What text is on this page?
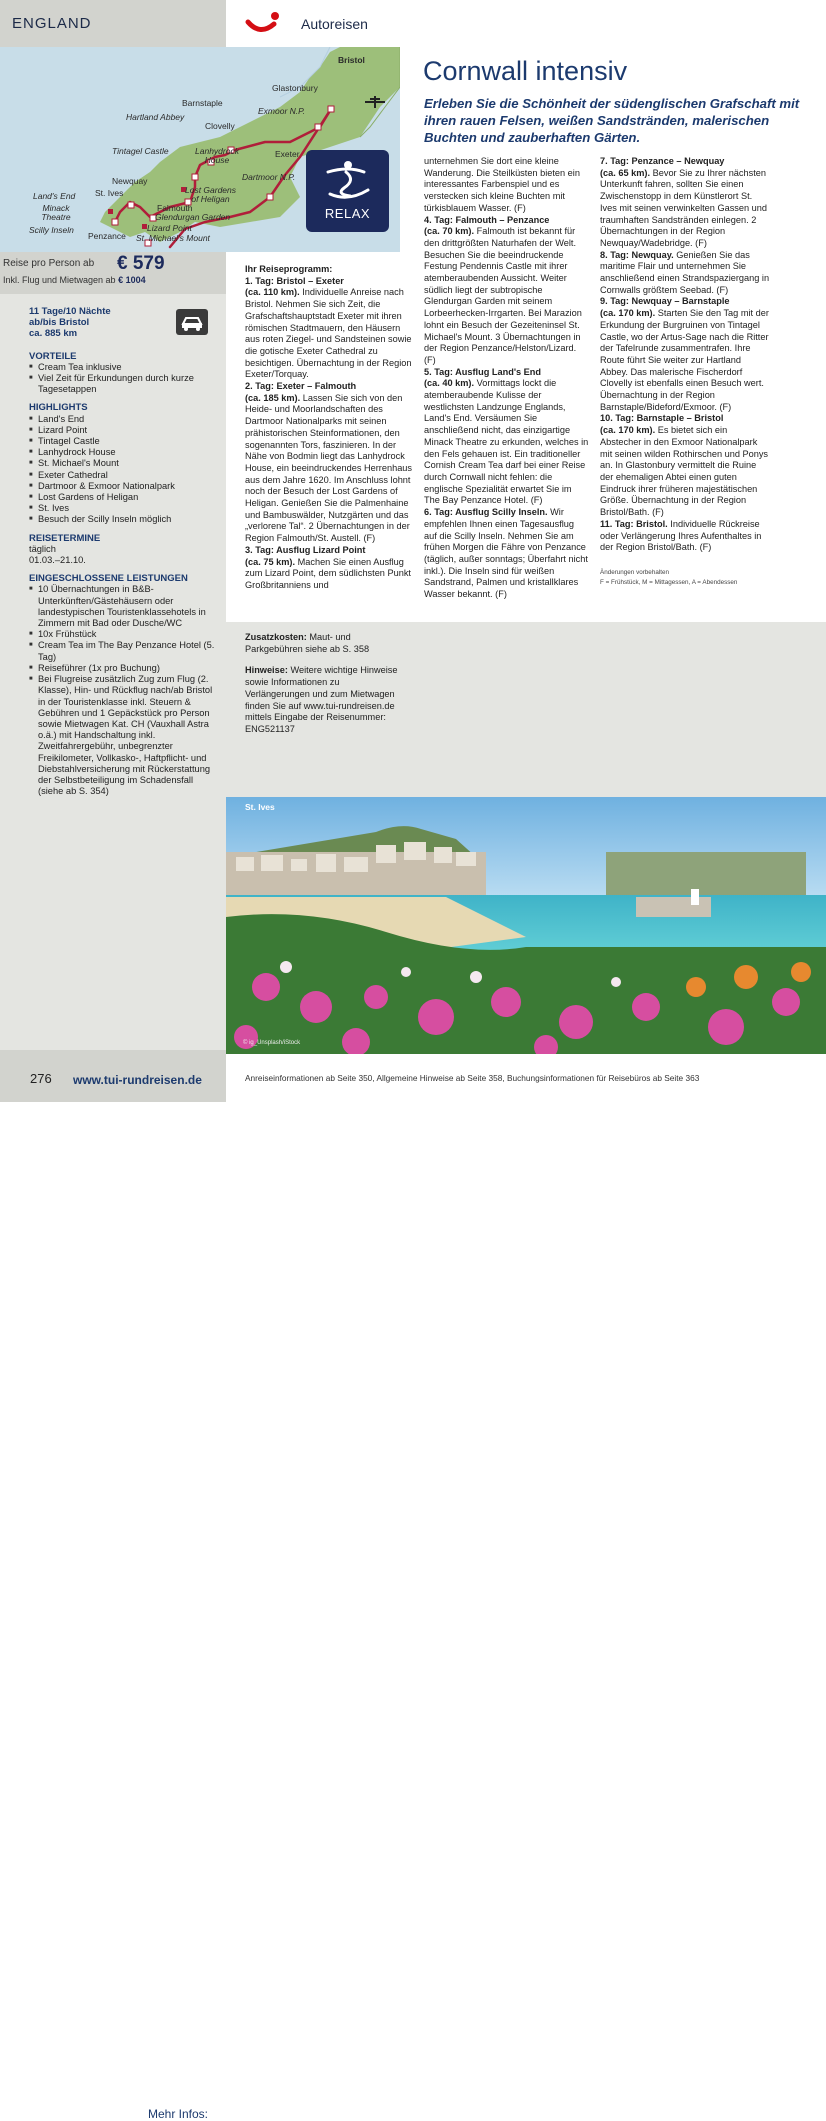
ENGLAND	Autoreisen
Bristol
Glastonbury
Barnstaple
Hartland Abbey
Exmoor N.P.
Clovelly
Tintagel Castle	Lanhydrock House
Exeter
Newquay	Dartmoor N.P.
Land's End St. Ives	Lost Gardens of Heligan
Minack Theatre
Falmouth
Glendurgan Garden
Scilly Inseln	Lizard Point
Penzance St. Michael's Mount
RELAX
Cornwall intensiv
Erleben Sie die Schönheit der südenglischen Grafschaft mit ihren rauen Felsen, weißen Sandstränden, malerischen Buchten und zauberhaften Gärten.
Reise pro Person ab € 579
Inkl. Flug und Mietwagen ab € 1004
11 Tage/10 Nächte
ab/bis Bristol
ca. 885 km
VORTEILE
■ Cream Tea inklusive
■ Viel Zeit für Erkundungen durch kurze Tagesetappen
HIGHLIGHTS
■ Land's End
■ Lizard Point
■ Tintagel Castle
■ Lanhydrock House
■ St. Michael's Mount
■ Exeter Cathedral
■ Dartmoor & Exmoor Nationalpark
■ Lost Gardens of Heligan
■ St. Ives
■ Besuch der Scilly Inseln möglich
REISETERMINE
täglich
01.03.–21.10.
EINGESCHLOSSENE LEISTUNGEN
■ 10 Übernachtungen in B&B-Unterkünften/Gästehäusern oder landestypischen Touristenklassehotels in Zimmern mit Bad oder Dusche/WC
■ 10x Frühstück
■ Cream Tea im The Bay Penzance Hotel (5. Tag)
■ Reiseführer (1x pro Buchung)
■ Bei Flugreise zusätzlich Zug zum Flug (2. Klasse), Hin- und Rückflug nach/ab Bristol in der Touristenklasse inkl. Steuern & Gebühren und 1 Gepäckstück pro Person sowie Mietwagen Kat. CH (Vauxhall Astra o.ä.) mit Handschaltung inkl. Zweitfahrergebühr, unbegrenzter Freikilometer, Vollkasko-, Haftpflicht- und Diebstahlversicherung mit Rückerstattung der Selbstbeteiligung im Schadensfall (siehe ab S. 354)
Ihr Reiseprogramm:
1. Tag: Bristol – Exeter
(ca. 110 km). Individuelle Anreise nach Bristol. Nehmen Sie sich Zeit, die Grafschaftshauptstadt Exeter mit ihren römischen Stadtmauern, den Häusern aus roten Ziegel- und Sandsteinen sowie die gotische Exeter Cathedral zu besichtigen. Übernachtung in der Region Exeter/Torquay.
2. Tag: Exeter – Falmouth
(ca. 185 km). Lassen Sie sich von den Heide- und Moorlandschaften des Dartmoor Nationalparks mit seinen prähistorischen Steinformationen, den sogenannten Tors, faszinieren. In der Nähe von Bodmin liegt das Lanhydrock House, ein beeindruckendes Herrenhaus aus dem Jahre 1620. Im Anschluss lohnt noch der Besuch der Lost Gardens of Heligan. Genießen Sie die Palmenhaine und Bambuswälder, Nutzgärten und das „verlorene Tal“. 2 Übernachtungen in der Region Falmouth/St. Austell. (F)
3. Tag: Ausflug Lizard Point
(ca. 75 km). Machen Sie einen Ausflug zum Lizard Point, dem südlichsten Punkt Großbritanniens und
unternehmen Sie dort eine kleine Wanderung. Die Steilküsten bieten ein interessantes Farbenspiel und es verstecken sich kleine Buchten mit türkisblauem Wasser. (F)
4. Tag: Falmouth – Penzance
(ca. 70 km). Falmouth ist bekannt für den drittgrößten Naturhafen der Welt. Besuchen Sie die beeindruckende Festung Pendennis Castle mit ihrer atemberaubenden Aussicht. Weiter südlich liegt der subtropische Glendurgan Garden mit seinem Lorbeerhecken-Irrgarten. Bei Marazion lohnt ein Besuch der Gezeiteninsel St. Michael's Mount. 3 Übernachtungen in der Region Penzance/Helston/Lizard. (F)
5. Tag: Ausflug Land's End
(ca. 40 km). Vormittags lockt die atemberaubende Kulisse der westlichsten Landzunge Englands, Land's End. Versäumen Sie anschließend nicht, das einzigartige Minack Theatre zu erkunden, welches in den Fels gehauen ist. Ein traditioneller Cornish Cream Tea darf bei einer Reise durch Cornwall nicht fehlen: die englische Spezialität erwartet Sie im The Bay Penzance Hotel. (F)
6. Tag: Ausflug Scilly Inseln. Wir empfehlen Ihnen einen Tagesausflug auf die Scilly Inseln. Nehmen Sie am frühen Morgen die Fähre von Penzance (täglich, außer sonntags; Überfahrt nicht inkl.). Die Inseln sind für weißen Sandstrand, Palmen und kristallklares Wasser bekannt. (F)
7. Tag: Penzance – Newquay
(ca. 65 km). Bevor Sie zu Ihrer nächsten Unterkunft fahren, sollten Sie einen Zwischenstopp in dem Künstlerort St. Ives mit seinen verwinkelten Gassen und traumhaften Sandstränden einlegen. 2 Übernachtungen in der Region Newquay/Wadebridge. (F)
8. Tag: Newquay. Genießen Sie das maritime Flair und unternehmen Sie anschließend einen Strandspaziergang in Cornwalls größtem Seebad. (F)
9. Tag: Newquay – Barnstaple
(ca. 170 km). Starten Sie den Tag mit der Erkundung der Burgruinen von Tintagel Castle, wo der Artus-Sage nach die Ritter der Tafelrunde zusammentrafen. Ihre Route führt Sie weiter zur Hartland Abbey. Das malerische Fischerdorf Clovelly ist ebenfalls einen Besuch wert. Übernachtung in der Region Barnstaple/Bideford/Exmoor. (F)
10. Tag: Barnstaple – Bristol
(ca. 170 km). Es bietet sich ein Abstecher in den Exmoor Nationalpark mit seinen wilden Rothirschen und Ponys an. In Glastonbury vermittelt die Ruine der ehemaligen Abtei einen guten Eindruck ihrer früheren majestätischen Größe. Übernachtung in der Region Bristol/Bath. (F)
11. Tag: Bristol. Individuelle Rückreise oder Verlängerung Ihres Aufenthaltes in der Region Bristol/Bath. (F)
Änderungen vorbehalten
F = Frühstück, M = Mittagessen, A = Abendessen
Zusatzkosten: Maut- und Parkgebühren siehe ab S. 358
Hinweise: Weitere wichtige Hinweise sowie Informationen zu Verlängerungen und zum Mietwagen finden Sie auf www.tui-rundreisen.de mittels Eingabe der Reisenummer:
ENG521137
St. Ives
© ig_Unsplash/iStock
Mehr Infos:
276 www.tui-rundreisen.de	Anreiseinformationen ab Seite 350, Allgemeine Hinweise ab Seite 358, Buchungsinformationen für Reisebüros ab Seite 363
